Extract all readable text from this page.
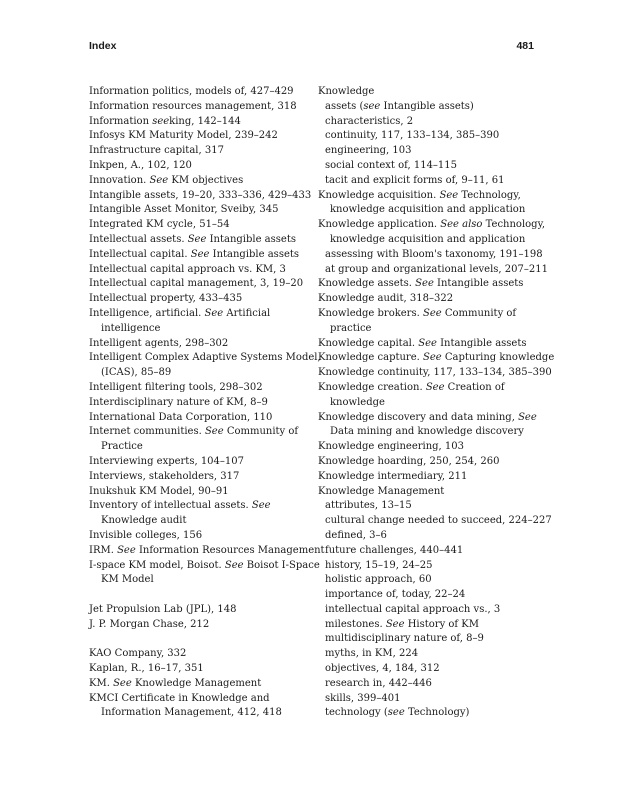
Index	481
Information politics, models of, 427–429
Information resources management, 318
Information seeking, 142–144
Infosys KM Maturity Model, 239–242
Infrastructure capital, 317
Inkpen, A., 102, 120
Innovation. See KM objectives
Intangible assets, 19–20, 333–336, 429–433
Intangible Asset Monitor, Sveiby, 345
Integrated KM cycle, 51–54
Intellectual assets. See Intangible assets
Intellectual capital. See Intangible assets
Intellectual capital approach vs. KM, 3
Intellectual capital management, 3, 19–20
Intellectual property, 433–435
Intelligence, artificial. See Artificial
intelligence
Intelligent agents, 298–302
Intelligent Complex Adaptive Systems Model,
(ICAS), 85–89
Intelligent filtering tools, 298–302
Interdisciplinary nature of KM, 8–9
International Data Corporation, 110
Internet communities. See Community of
Practice
Interviewing experts, 104–107
Interviews, stakeholders, 317
Inukshuk KM Model, 90–91
Inventory of intellectual assets. See
Knowledge audit
Invisible colleges, 156
IRM. See Information Resources Management
I-space KM model, Boisot. See Boisot I-Space
KM Model
Jet Propulsion Lab (JPL), 148
J. P. Morgan Chase, 212
KAO Company, 332
Kaplan, R., 16–17, 351
KM. See Knowledge Management
KMCI Certificate in Knowledge and
Information Management, 412, 418
Knowledge
assets (see Intangible assets)
characteristics, 2
continuity, 117, 133–134, 385–390
engineering, 103
social context of, 114–115
tacit and explicit forms of, 9–11, 61
Knowledge acquisition. See Technology,
knowledge acquisition and application
Knowledge application. See also Technology,
knowledge acquisition and application
assessing with Bloom's taxonomy, 191–198
at group and organizational levels, 207–211
Knowledge assets. See Intangible assets
Knowledge audit, 318–322
Knowledge brokers. See Community of
practice
Knowledge capital. See Intangible assets
Knowledge capture. See Capturing knowledge
Knowledge continuity, 117, 133–134, 385–390
Knowledge creation. See Creation of
knowledge
Knowledge discovery and data mining, See
Data mining and knowledge discovery
Knowledge engineering, 103
Knowledge hoarding, 250, 254, 260
Knowledge intermediary, 211
Knowledge Management
attributes, 13–15
cultural change needed to succeed, 224–227
defined, 3–6
future challenges, 440–441
history, 15–19, 24–25
holistic approach, 60
importance of, today, 22–24
intellectual capital approach vs., 3
milestones. See History of KM
multidisciplinary nature of, 8–9
myths, in KM, 224
objectives, 4, 184, 312
research in, 442–446
skills, 399–401
technology (see Technology)
